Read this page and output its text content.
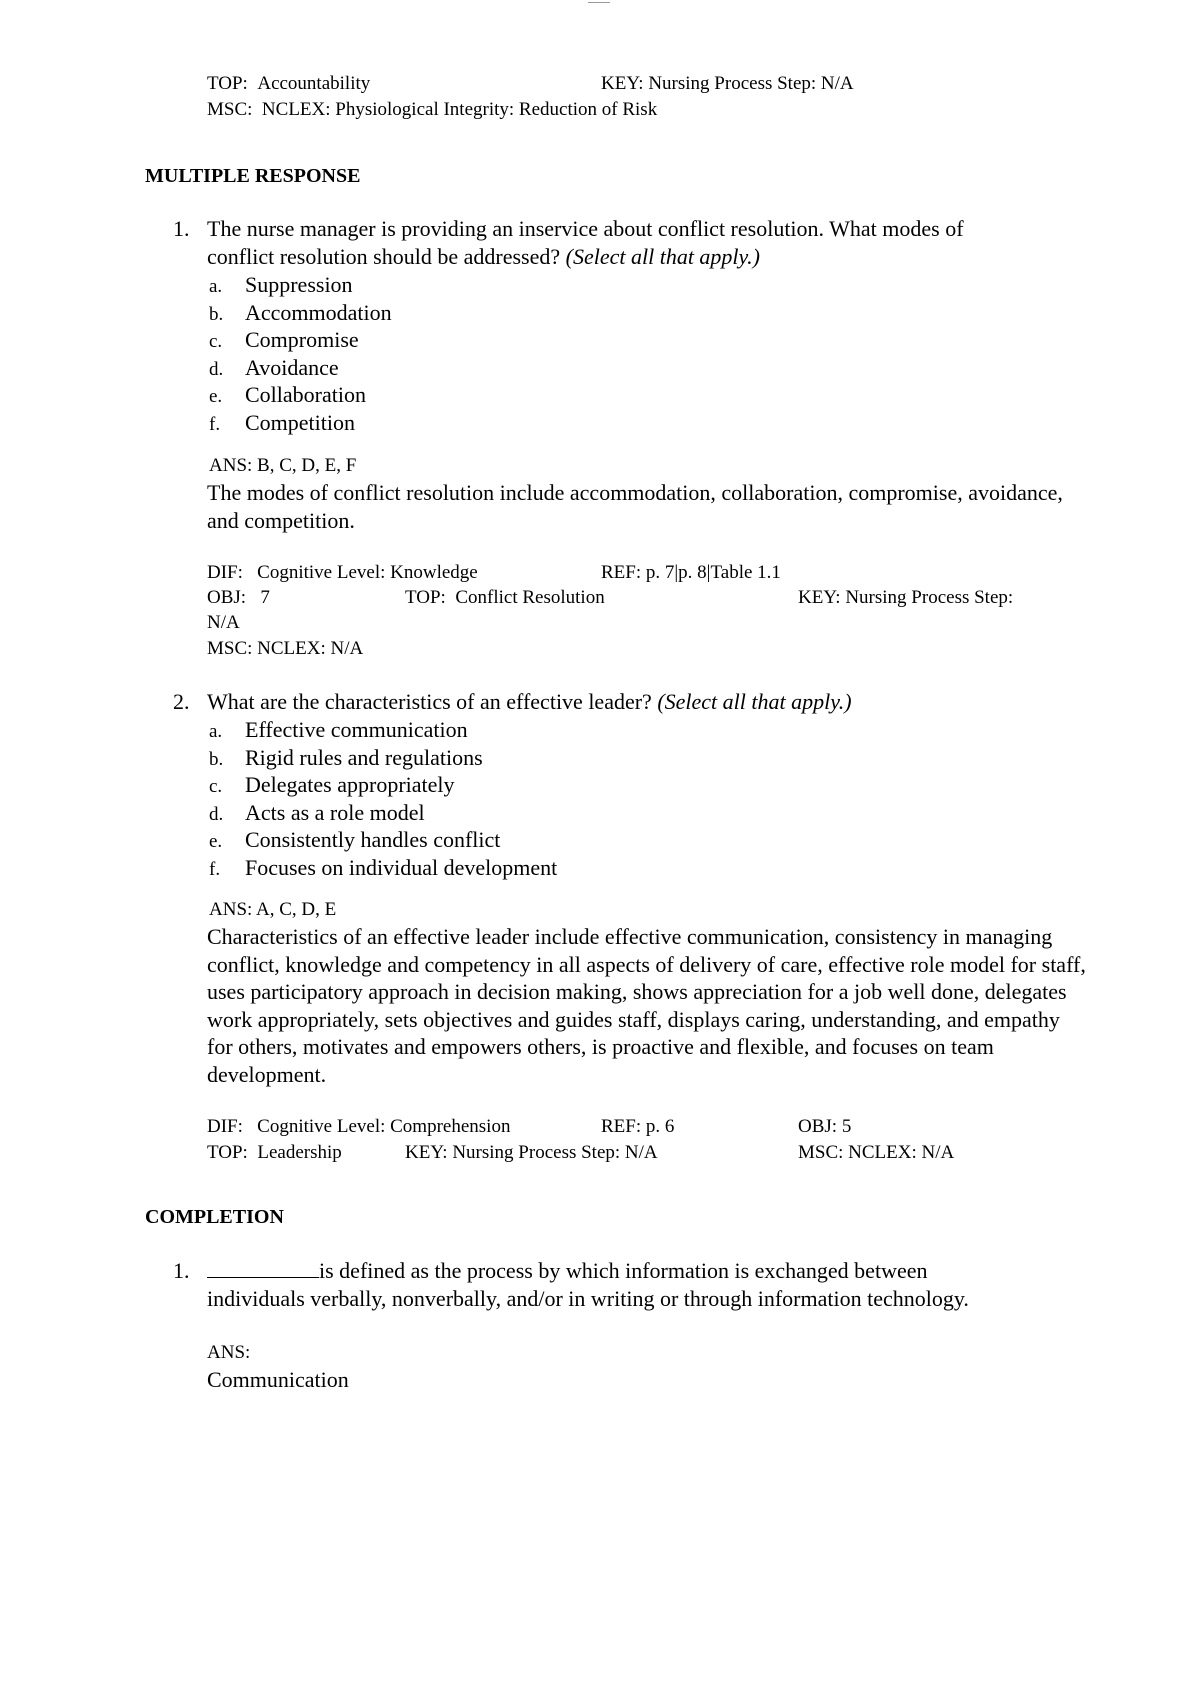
TOP: Accountability	KEY: Nursing Process Step: N/A
MSC: NCLEX: Physiological Integrity: Reduction of Risk
MULTIPLE RESPONSE
1. The nurse manager is providing an inservice about conflict resolution. What modes of
conflict resolution should be addressed? (Select all that apply.)
a. Suppression
b. Accommodation
c. Compromise
d. Avoidance
e. Collaboration
f. Competition
ANS: B, C, D, E, F
The modes of conflict resolution include accommodation, collaboration, compromise, avoidance, and competition.
DIF: Cognitive Level: Knowledge	REF: p. 7|p. 8|Table 1.1
OBJ: 7	TOP: Conflict Resolution	KEY: Nursing Process Step:
N/A
MSC: NCLEX: N/A
2. What are the characteristics of an effective leader? (Select all that apply.)
a. Effective communication
b. Rigid rules and regulations
c. Delegates appropriately
d. Acts as a role model
e. Consistently handles conflict
f. Focuses on individual development
ANS: A, C, D, E
Characteristics of an effective leader include effective communication, consistency in managing conflict, knowledge and competency in all aspects of delivery of care, effective role model for staff, uses participatory approach in decision making, shows appreciation for a job well done, delegates work appropriately, sets objectives and guides staff, displays caring, understanding, and empathy for others, motivates and empowers others, is proactive and flexible, and focuses on team development.
DIF: Cognitive Level: Comprehension	REF: p. 6	OBJ: 5
TOP: Leadership	KEY: Nursing Process Step: N/A	MSC: NCLEX: N/A
COMPLETION
1.	is defined as the process by which information is exchanged between
individuals verbally, nonverbally, and/or in writing or through information technology.
ANS:
Communication
